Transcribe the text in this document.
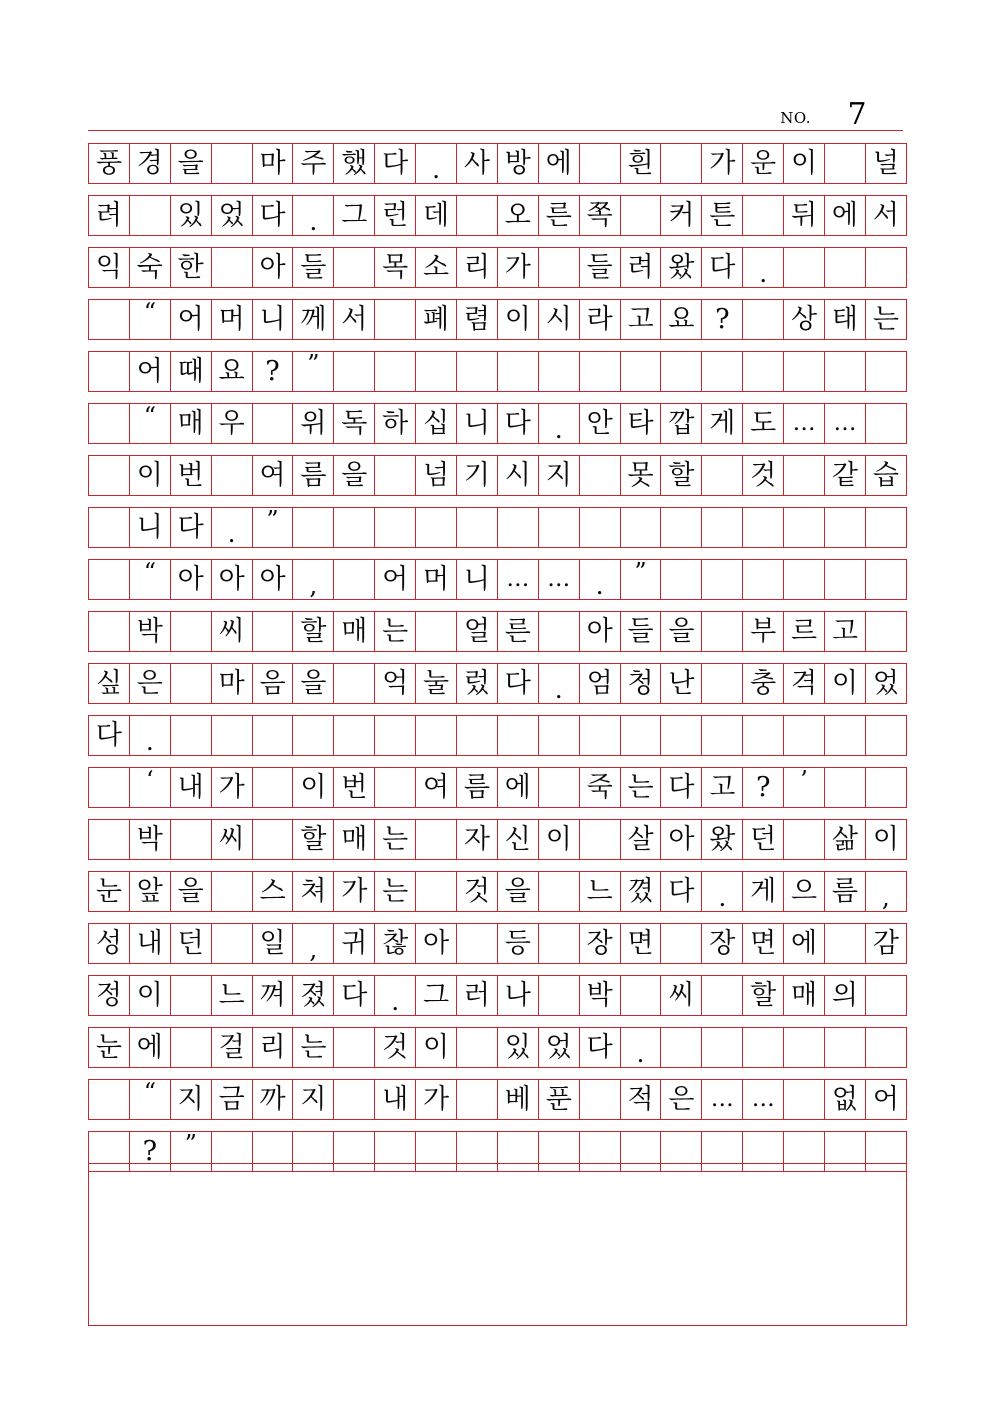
NO.	7
풍 경 을 마 주 했 다 . 사 방 에 흰 가 운 이 널
려 있 었 다 . 그 런 데 오 른 쪽 커 튼 뒤 에 서
익 숙 한 아 들 목 소 리 가 들 려 왔 다 .
“ 어 머 니 께 서 폐 렴 이 시 라 고 요 ?	상 태 는
어 때 요 ?	”
“ 매 우 위 독 하 십 니 다 . 안 타 깝 게 도 … …
이 번 여 름 을 넘 기 시 지 못 할 것 같 습
니 다 .	”
“ 아 아 아 ,	어 머 니 … …	.	”
박 씨 할 매 는 얼 른 아 들 을 부 르 고
싶 은 마 음 을 억 눌 렀 다 . 엄 청 난 충 격 이 었
다 .
‘ 내 가 이 번 여 름 에 죽 는 다 고 ?	’
박 씨 할 매 는 자 신 이 살 아 왔 던 삶 이
눈 앞 을 스 쳐 가 는 것 을 느 꼈 다 . 게 으 름 ,
성 내 던 일 , 귀 찮 아 등 장 면 장 면 에 감
정 이 느 껴 졌 다 . 그 러 나 박 씨 할 매 의
눈 에 걸 리 는 것 이 있 었 다 .
“ 지 금 까 지 내 가 베 푼 적 은 … …	없 어
?	”
